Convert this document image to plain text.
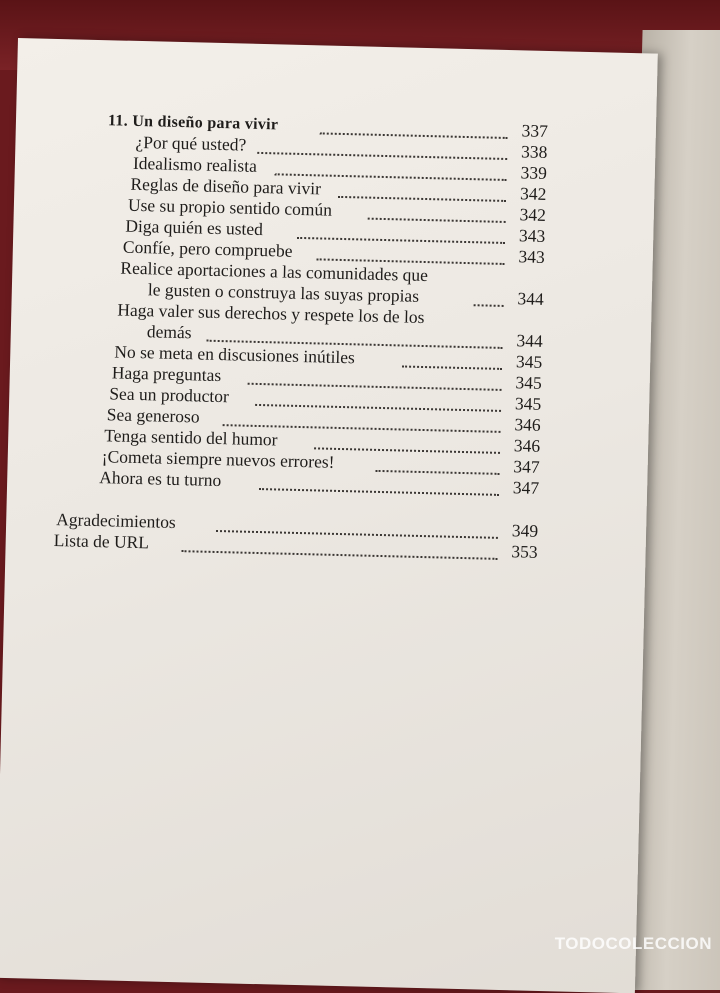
11. Un diseño para vivir	337
¿Por qué usted?	338
Idealismo realista	339
Reglas de diseño para vivir	342
Use su propio sentido común	342
Diga quién es usted	343
Confíe, pero compruebe	343
Realice aportaciones a las comunidades que
le gusten o construya las suyas propias	344
Haga valer sus derechos y respete los de los
demás	344
No se meta en discusiones inútiles	345
Haga preguntas	345
Sea un productor	345
Sea generoso	346
Tenga sentido del humor	346
¡Cometa siempre nuevos errores!	347
Ahora es tu turno	347
Agradecimientos	349
Lista de URL	353
TODOCOLECCION
